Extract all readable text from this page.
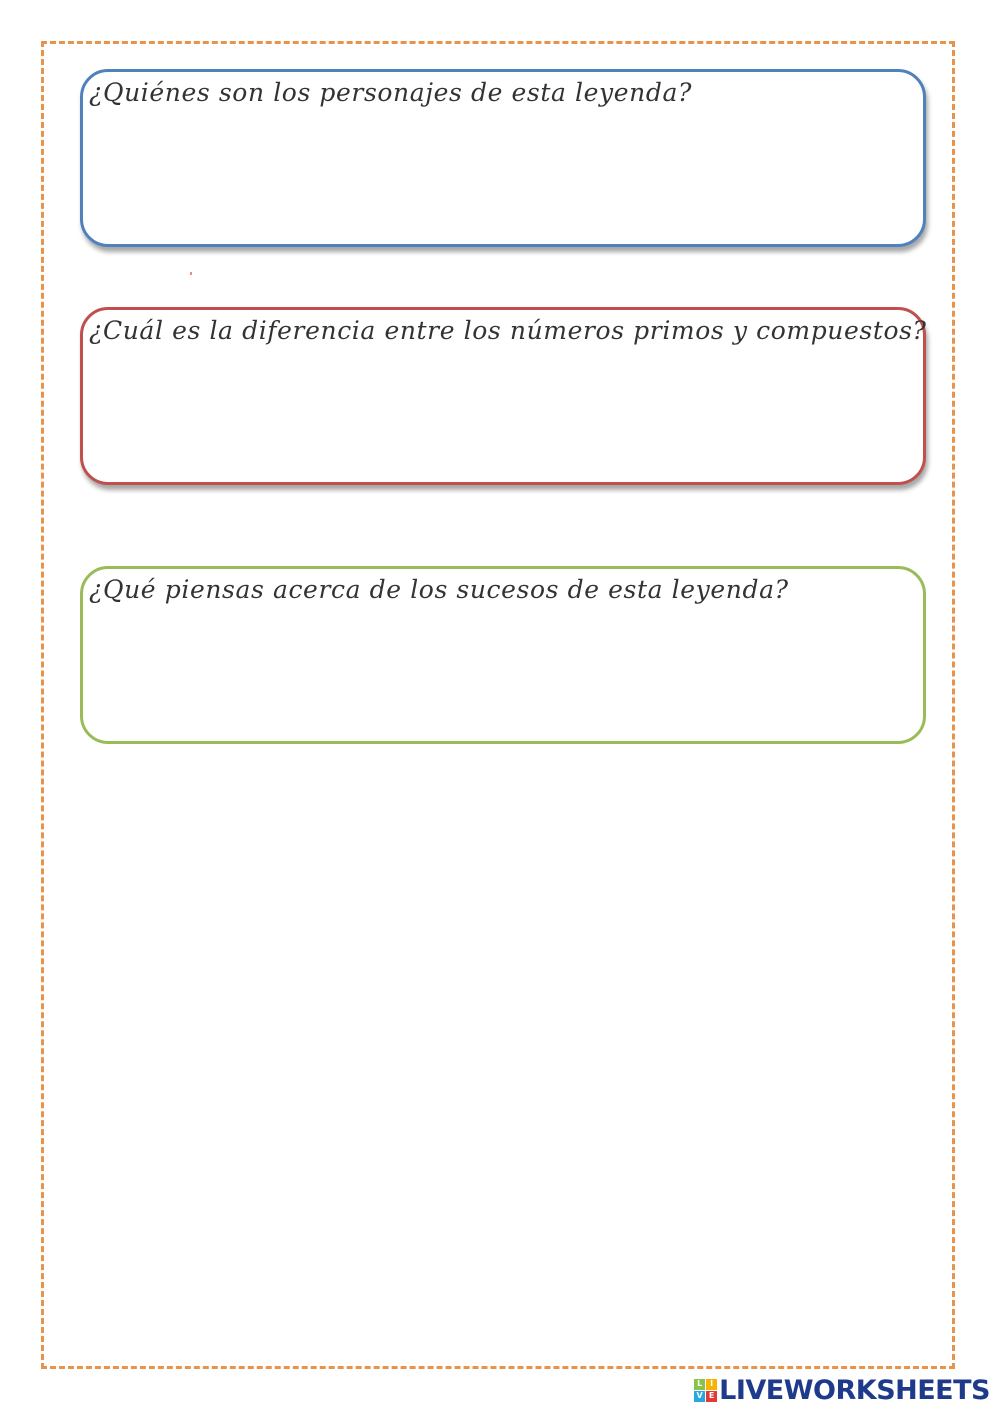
¿Quiénes son los personajes de esta leyenda?
¿Cuál es la diferencia entre los números primos y compuestos?
¿Qué piensas acerca de los sucesos de esta leyenda?
L I
V E LIVEWORKSHEETS
